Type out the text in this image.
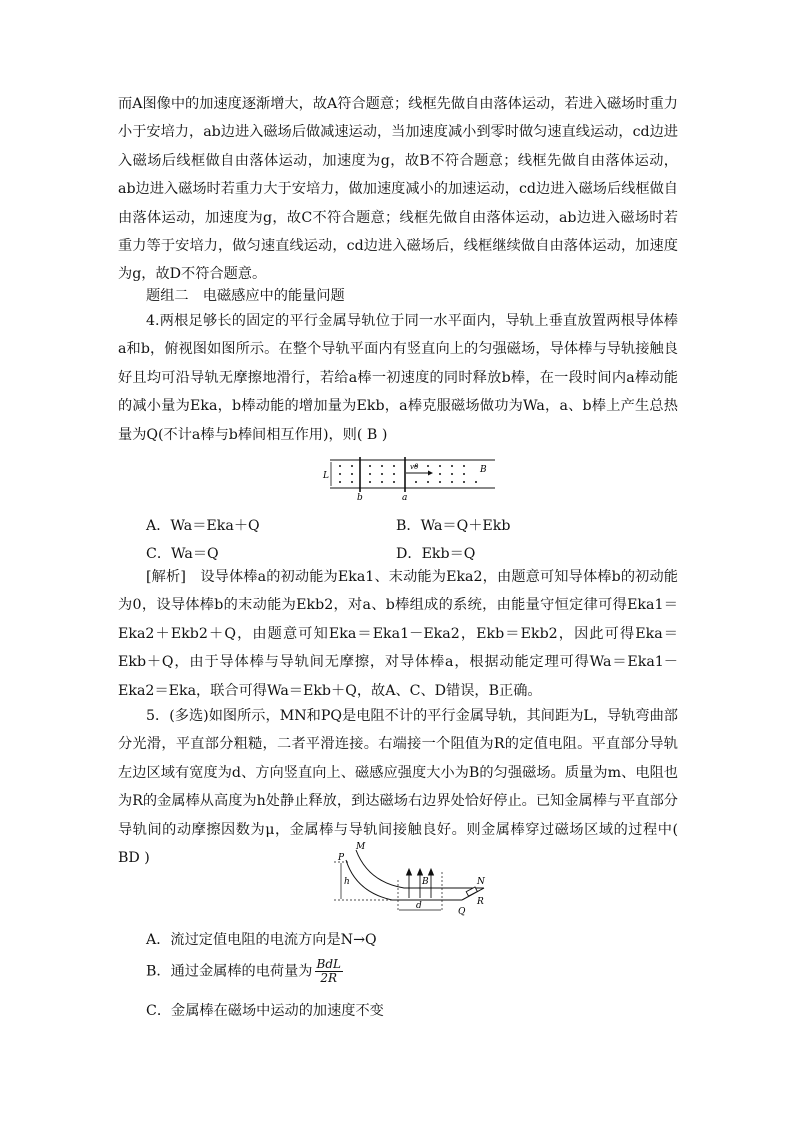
而A图像中的加速度逐渐增大，故A符合题意；线框先做自由落体运动，若进入磁场时重力小于安培力，ab边进入磁场后做减速运动，当加速度减小到零时做匀速直线运动，cd边进入磁场后线框做自由落体运动，加速度为g，故B不符合题意；线框先做自由落体运动，ab边进入磁场时若重力大于安培力，做加速度减小的加速运动，cd边进入磁场后线框做自由落体运动，加速度为g，故C不符合题意；线框先做自由落体运动，ab边进入磁场时若重力等于安培力，做匀速直线运动，cd边进入磁场后，线框继续做自由落体运动，加速度为g，故D不符合题意。
题组二　电磁感应中的能量问题
4.两根足够长的固定的平行金属导轨位于同一水平面内，导轨上垂直放置两根导体棒a和b，俯视图如图所示。在整个导轨平面内有竖直向上的匀强磁场，导体棒与导轨接触良好且均可沿导轨无摩擦地滑行，若给a棒一初速度的同时释放b棒，在一段时间内a棒动能的减小量为Eka，b棒动能的增加量为Ekb，a棒克服磁场做功为Wa，a、b棒上产生总热量为Q(不计a棒与b棒间相互作用)，则( B )
L
B
v0
b	a
A．Wa＝Eka＋Q	B．Wa＝Q＋Ekb
C．Wa＝Q	D．Ekb＝Q
[解析]　设导体棒a的初动能为Eka1、末动能为Eka2，由题意可知导体棒b的初动能为0，设导体棒b的末动能为Ekb2，对a、b棒组成的系统，由能量守恒定律可得Eka1＝Eka2＋Ekb2＋Q，由题意可知Eka＝Eka1－Eka2，Ekb＝Ekb2，因此可得Eka＝Ekb＋Q，由于导体棒与导轨间无摩擦，对导体棒a，根据动能定理可得Wa＝Eka1－Eka2＝Eka，联合可得Wa＝Ekb＋Q，故A、C、D错误，B正确。
5．(多选)如图所示，MN和PQ是电阻不计的平行金属导轨，其间距为L，导轨弯曲部分光滑，平直部分粗糙，二者平滑连接。右端接一个阻值为R的定值电阻。平直部分导轨左边区域有宽度为d、方向竖直向上、磁感应强度大小为B的匀强磁场。质量为m、电阻也为R的金属棒从高度为h处静止释放，到达磁场右边界处恰好停止。已知金属棒与平直部分导轨间的动摩擦因数为μ，金属棒与导轨间接触良好。则金属棒穿过磁场区域的过程中( BD )	P
M
N
Q
R
B
h
d
A．流过定值电阻的电流方向是N→Q
B．通过金属棒的电荷量为 $\frac{\text{BdL}}{2R}$
C．金属棒在磁场中运动的加速度不变
